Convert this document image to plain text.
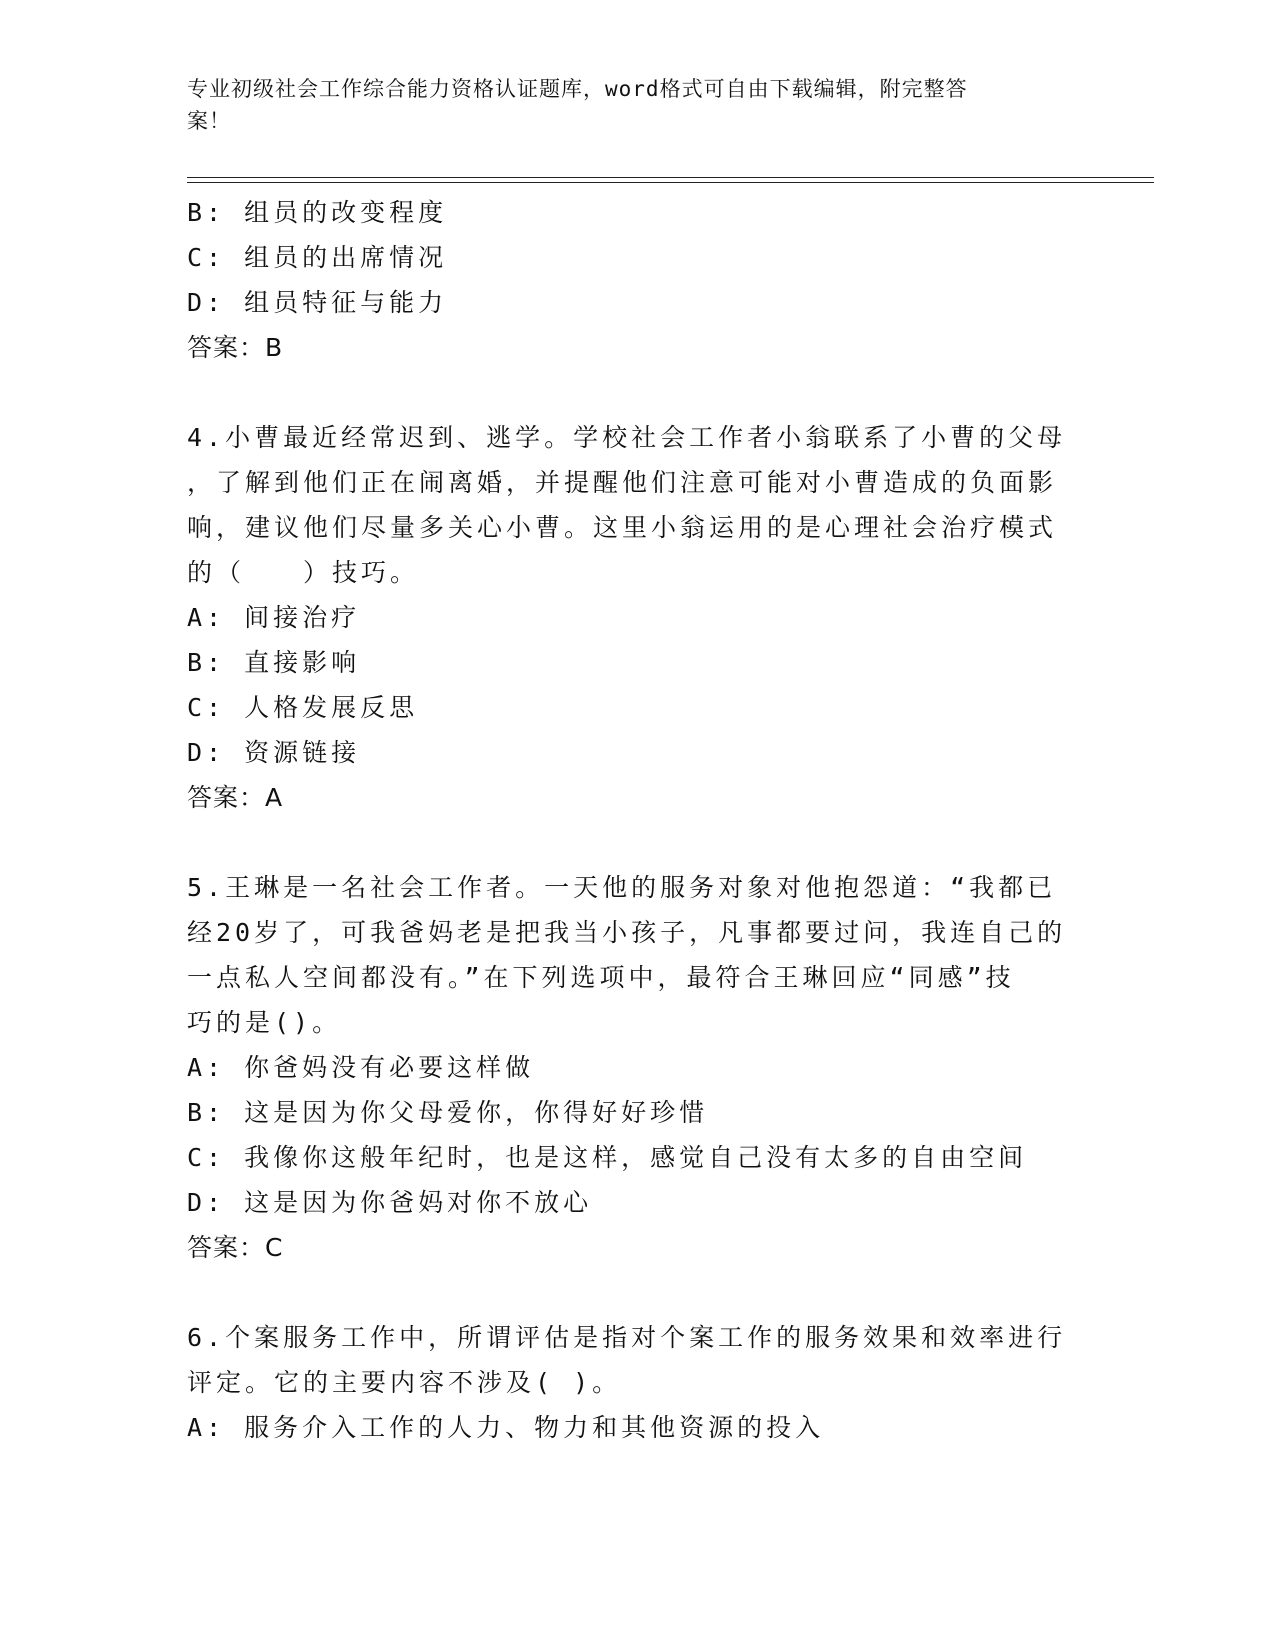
专业初级社会工作综合能力资格认证题库，word格式可自由下载编辑，附完整答
案！
B: 组员的改变程度
C: 组员的出席情况
D: 组员特征与能力
答案：B
4.小曹最近经常迟到、逃学。学校社会工作者小翁联系了小曹的父母
，了解到他们正在闹离婚，并提醒他们注意可能对小曹造成的负面影
响，建议他们尽量多关心小曹。这里小翁运用的是心理社会治疗模式
的（　　）技巧。
A: 间接治疗
B: 直接影响
C: 人格发展反思
D: 资源链接
答案：A
5.王琳是一名社会工作者。一天他的服务对象对他抱怨道：“我都已
经20岁了，可我爸妈老是把我当小孩子，凡事都要过问，我连自己的
一点私人空间都没有。”在下列选项中，最符合王琳回应“同感”技
巧的是()。
A: 你爸妈没有必要这样做
B: 这是因为你父母爱你，你得好好珍惜
C: 我像你这般年纪时，也是这样，感觉自己没有太多的自由空间
D: 这是因为你爸妈对你不放心
答案：C
6.个案服务工作中，所谓评估是指对个案工作的服务效果和效率进行
评定。它的主要内容不涉及( )。
A: 服务介入工作的人力、物力和其他资源的投入
